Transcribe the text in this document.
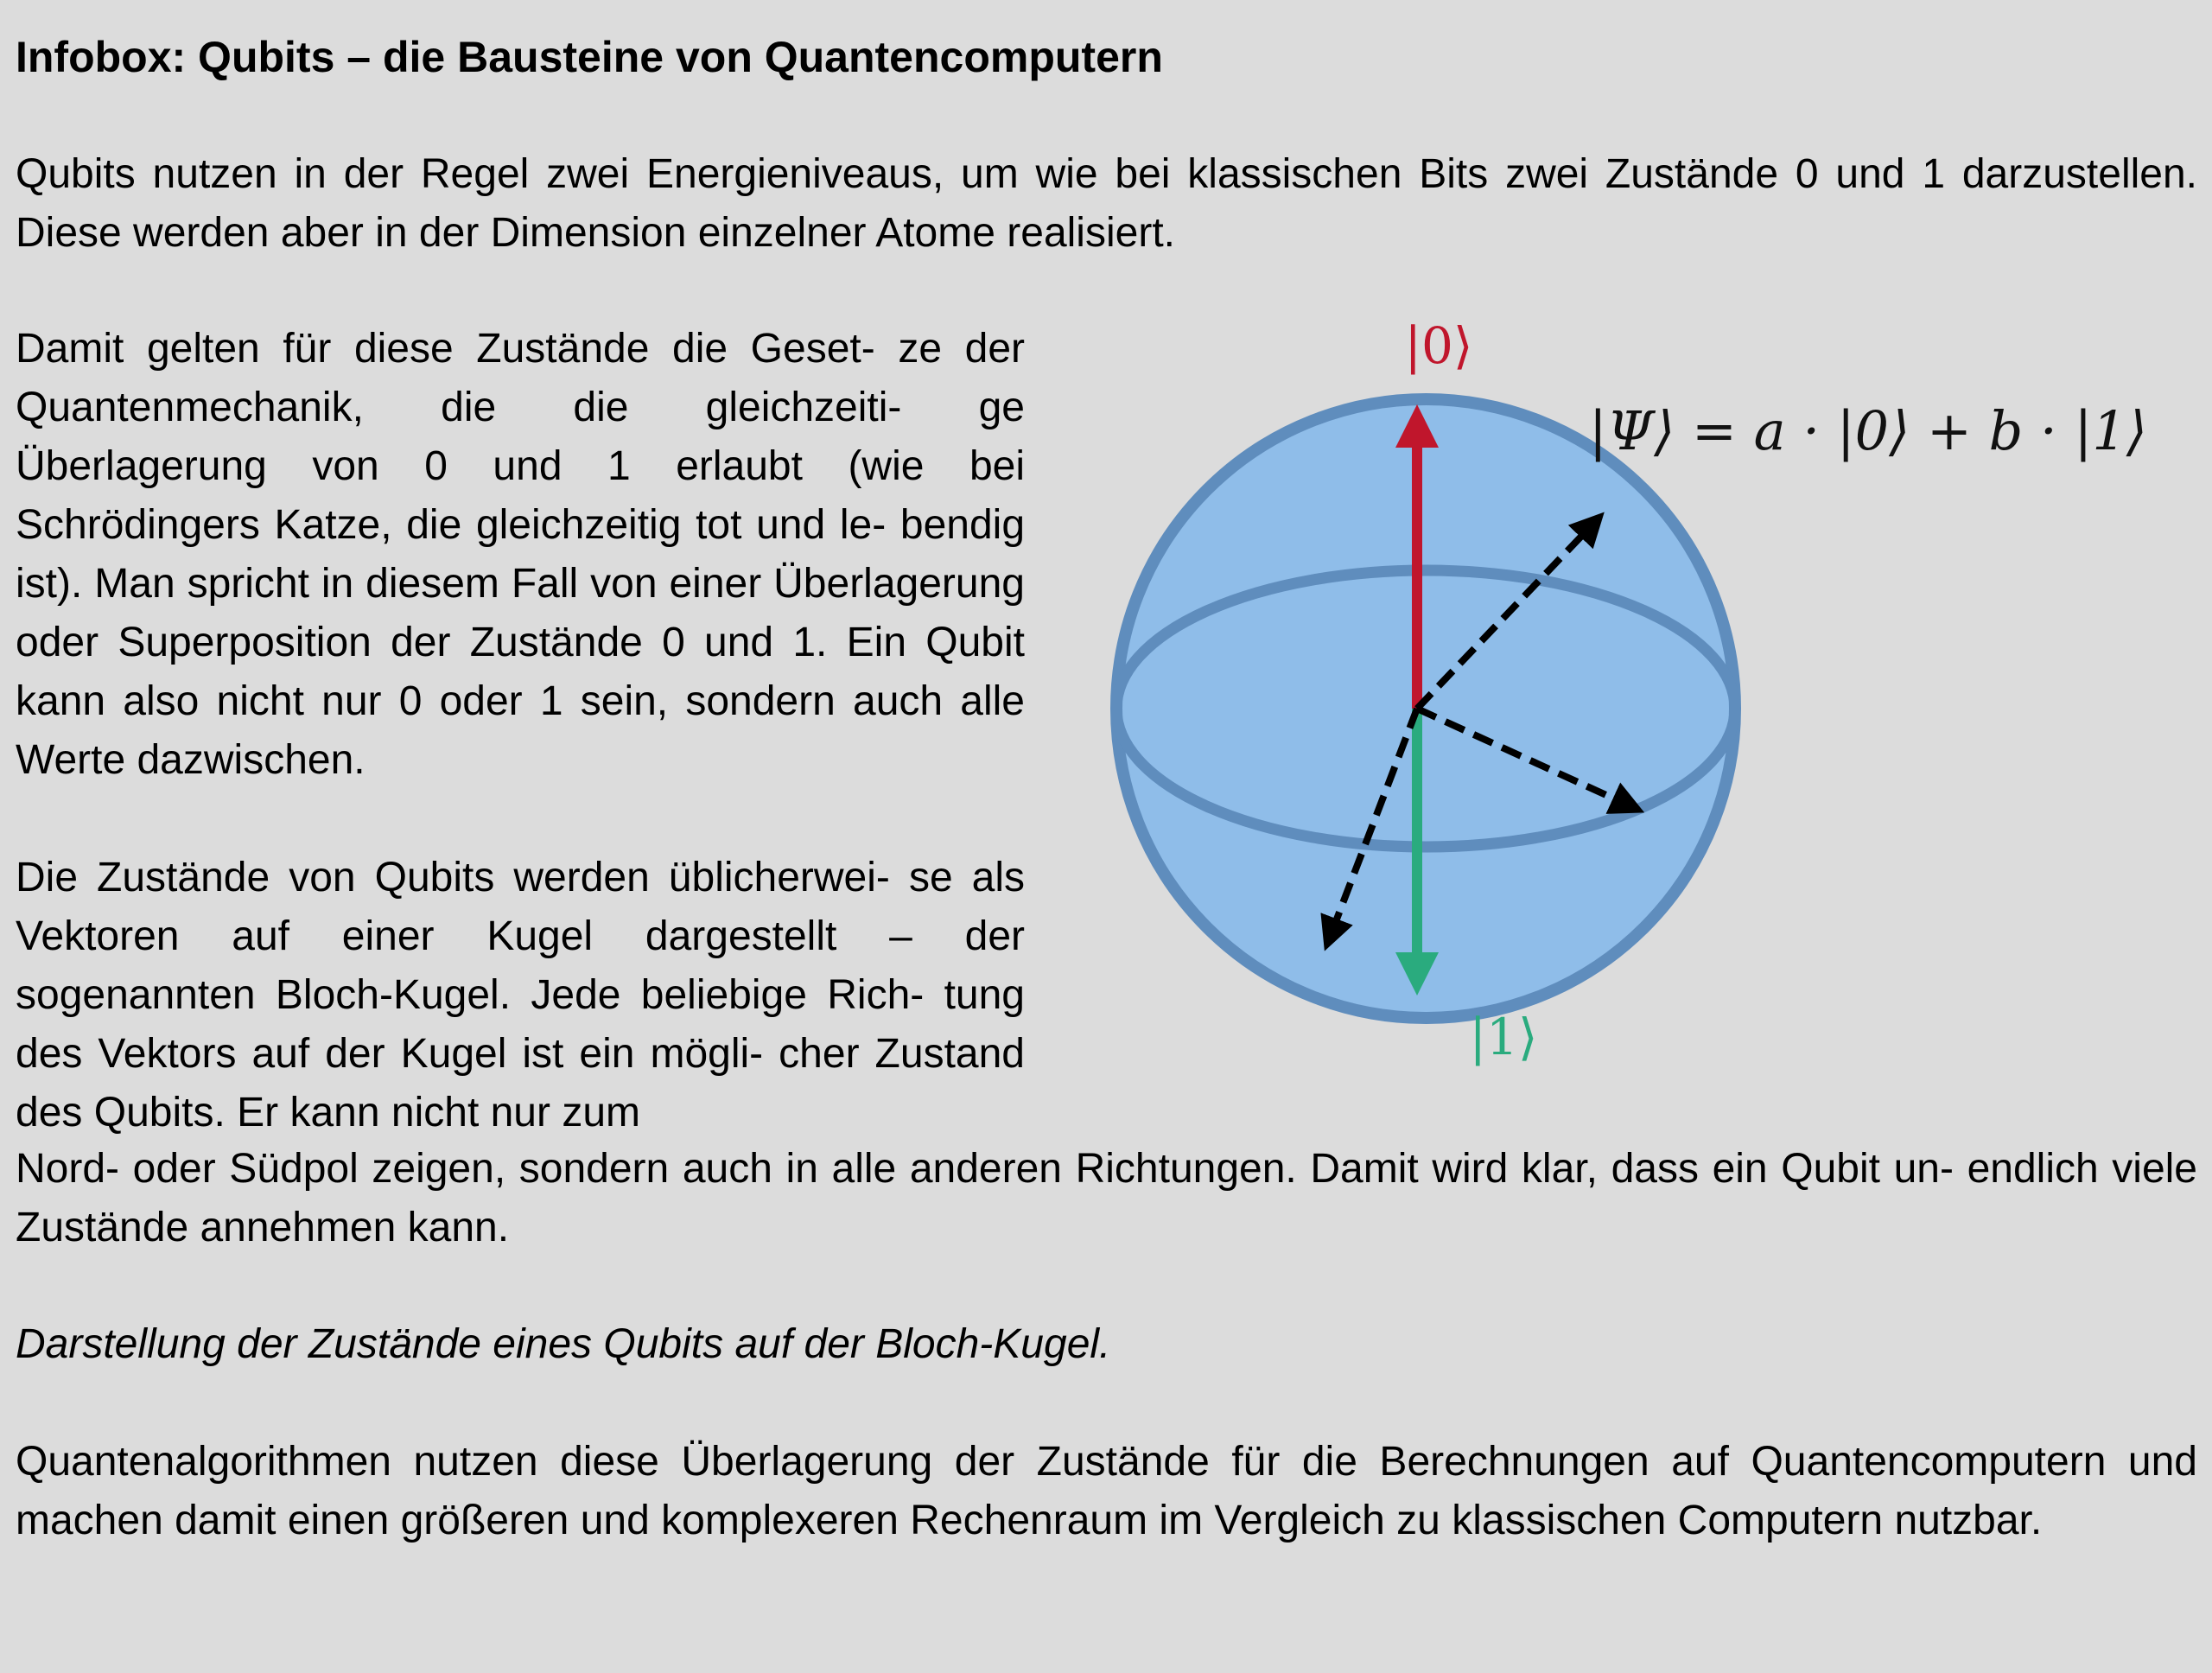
Infobox: Qubits – die Bausteine von Quantencomputern

Qubits nutzen in der Regel zwei Energieniveaus, um wie bei klassischen Bits zwei Zustände 0 und 1 darzustellen. Diese werden aber in der Dimension einzelner Atome realisiert.

Damit gelten für diese Zustände die Geset- ze der Quantenmechanik, die die gleichzeiti- ge Überlagerung von 0 und 1 erlaubt (wie bei Schrödingers Katze, die gleichzeitig tot und le- bendig ist). Man spricht in diesem Fall von einer Überlagerung oder Superposition der Zustände 0 und 1. Ein Qubit kann also nicht nur 0 oder 1 sein, sondern auch alle Werte dazwischen.

Die Zustände von Qubits werden üblicherwei- se als Vektoren auf einer Kugel dargestellt – der sogenannten Bloch-Kugel. Jede beliebige Rich- tung des Vektors auf der Kugel ist ein mögli- cher Zustand des Qubits. Er kann nicht nur zum

Nord- oder Südpol zeigen, sondern auch in alle anderen Richtungen. Damit wird klar, dass ein Qubit un- endlich viele Zustände annehmen kann.

Darstellung der Zustände eines Qubits auf der Bloch-Kugel.

Quantenalgorithmen nutzen diese Überlagerung der Zustände für die Berechnungen auf Quantencomputern und machen damit einen größeren und komplexeren Rechenraum im Vergleich zu klassischen Computern nutzbar.

|0⟩
|1⟩
|Ψ⟩ = a · |0⟩ + b · |1⟩
